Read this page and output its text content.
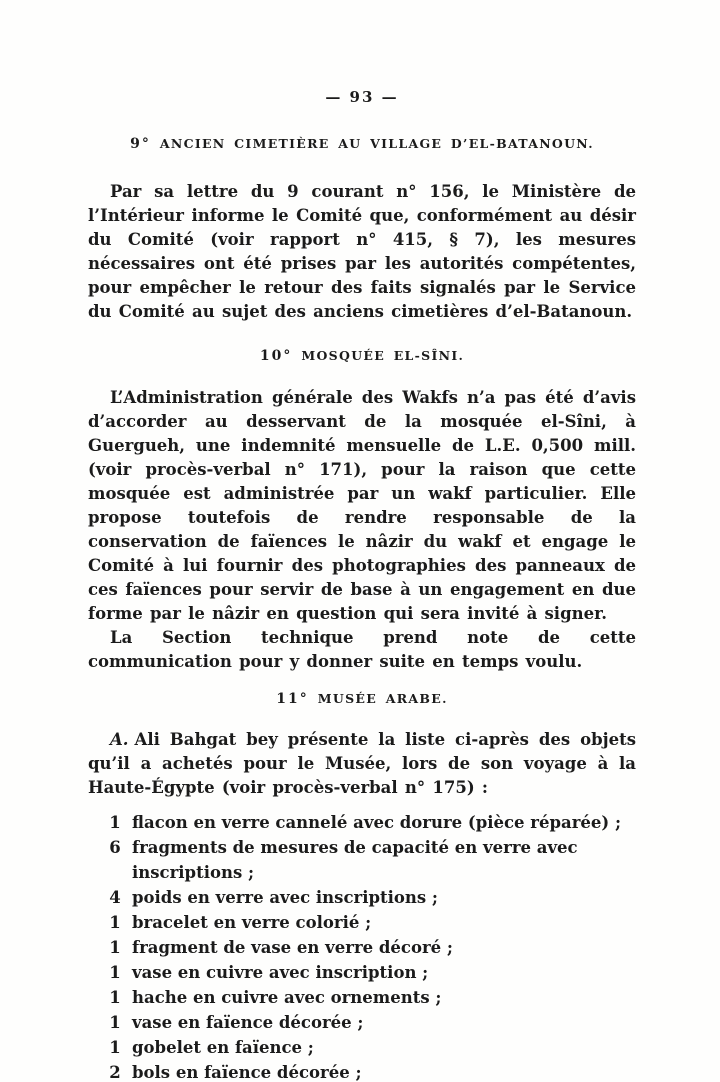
— 93 —
9° ANCIEN CIMETIÈRE AU VILLAGE D’EL-BATANOUN.
Par sa lettre du 9 courant n° 156, le Ministère de l’Intérieur informe le Comité que, conformément au désir du Comité (voir rapport n° 415, § 7), les mesures nécessaires ont été prises par les autorités compétentes, pour empêcher le retour des faits signalés par le Service du Comité au sujet des anciens cimetières d’el-Batanoun.
10° MOSQUÉE EL-SÎNI.
L’Administration générale des Wakfs n’a pas été d’avis d’accorder au desservant de la mosquée el-Sîni, à Guergueh, une indemnité mensuelle de L.E. 0,500 mill. (voir procès-verbal n° 171), pour la raison que cette mosquée est administrée par un wakf particulier. Elle propose toutefois de rendre responsable de la conservation de faïences le nâzir du wakf et engage le Comité à lui fournir des photographies des panneaux de ces faïences pour servir de base à un engagement en due forme par le nâzir en question qui sera invité à signer.
La Section technique prend note de cette communication pour y donner suite en temps voulu.
11° MUSÉE ARABE.
A. Ali Bahgat bey présente la liste ci-après des objets qu’il a achetés pour le Musée, lors de son voyage à la Haute-Égypte (voir procès-verbal n° 175) :
1 flacon en verre cannelé avec dorure (pièce réparée) ;
6 fragments de mesures de capacité en verre avec inscriptions ;
4 poids en verre avec inscriptions ;
1 bracelet en verre colorié ;
1 fragment de vase en verre décoré ;
1 vase en cuivre avec inscription ;
1 hache en cuivre avec ornements ;
1 vase en faïence décorée ;
1 gobelet en faïence ;
2 bols en faïence décorée ;
